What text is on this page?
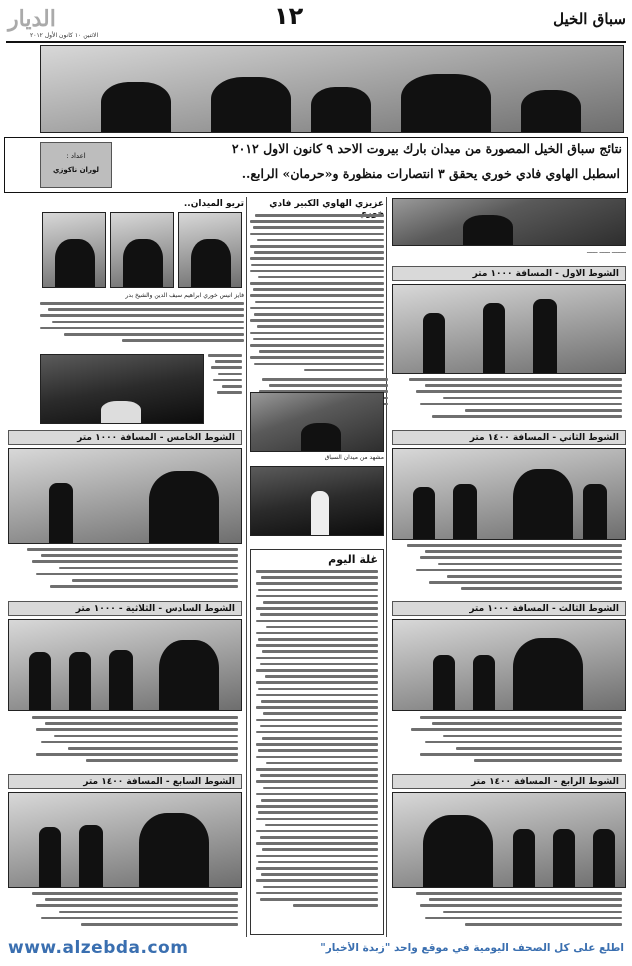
سباق الخيل
١٢
الديار
الاثنين ١٠ كانون الأول ٢٠١٢
نتائج سباق الخيل المصورة من ميدان بارك بيروت الاحد ٩ كانون الاول ٢٠١٢
اسطبل الهاوي فادي خوري يحقق ٣ انتصارات منظورة و«حرمان» الرابع..
اعداد :
لوران ناكوزي
ــــــــ ــــــ ــــــ
الشوط الاول - المسافة ١٠٠٠ متر
الشوط الثاني - المسافة ١٤٠٠ متر
الشوط الثالث - المسافة ١٠٠٠ متر
الشوط الرابع - المسافة ١٤٠٠ متر
عزيزي الهاوي الكبير فادي
مشهد من ميدان السباق
غلة اليوم
تريو الميدان..
فايز انيس خوري ابراهيم سيف الدين والشيخ بدر
الشوط الخامس - المسافة ١٠٠٠ متر
الشوط السادس - الثلاثية - ١٠٠٠ متر
الشوط السابع - المسافة ١٤٠٠ متر
www.alzebda.com	اطلع على كل الصحف اليومية في موقع واحد "زبدة الأخبار"
